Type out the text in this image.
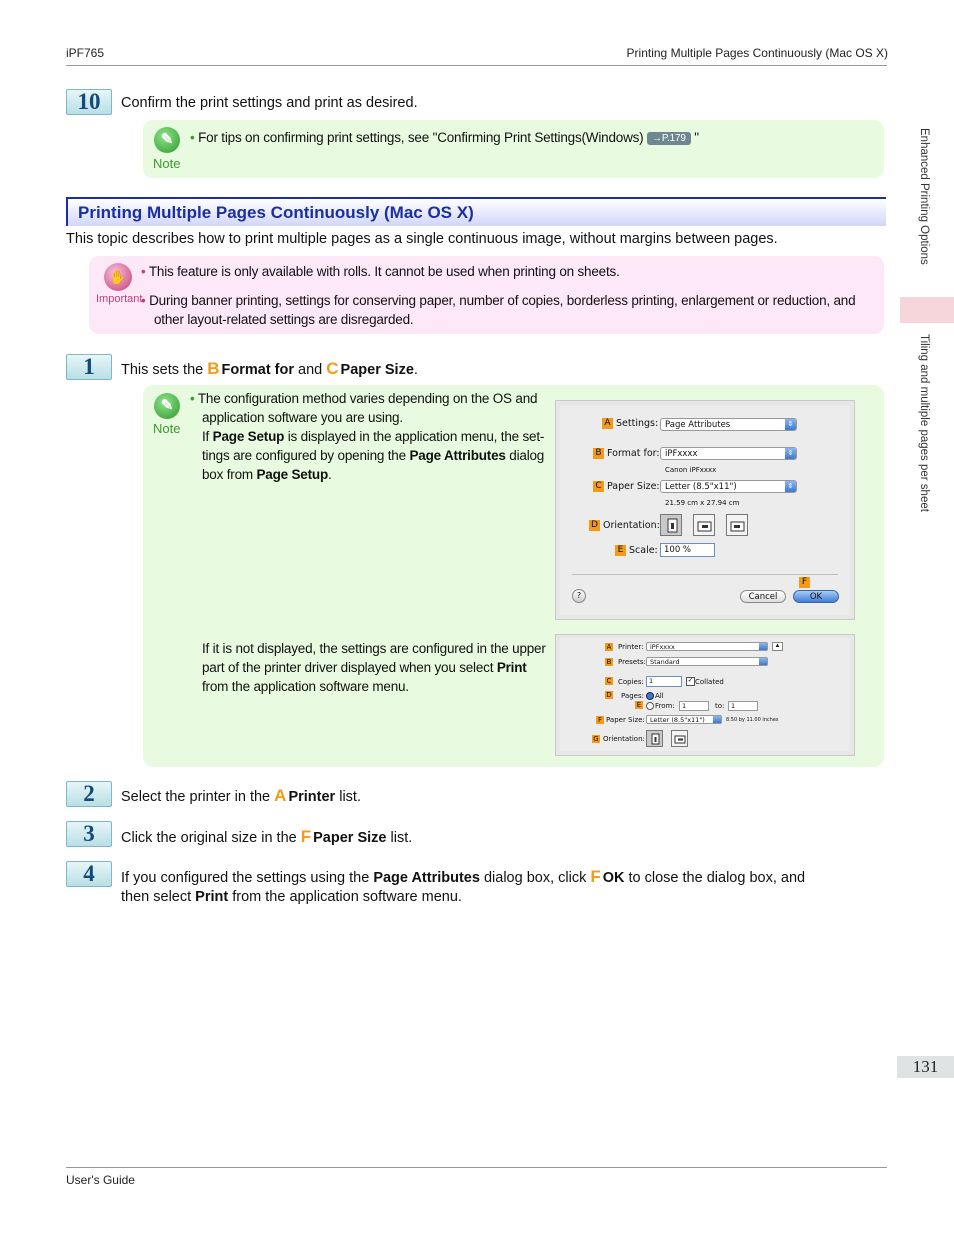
iPF765	Printing Multiple Pages Continuously (Mac OS X)
Enhanced Printing Options
Tiling and multiple pages per sheet
10	Confirm the print settings and print as desired.
✎
Note
• For tips on confirming print settings, see "Confirming Print Settings(Windows) →P.179 "
Printing Multiple Pages Continuously (Mac OS X)
This topic describes how to print multiple pages as a single continuous image, without margins between pages.
✋
Important
• This feature is only available with rolls. It cannot be used when printing on sheets.
• During banner printing, settings for conserving paper, number of copies, borderless printing, enlargement or reduction, and
other layout-related settings are disregarded.
1	This sets the B Format for and C Paper Size.
✎
Note
• The configuration method varies depending on the OS and
application software you are using.
If Page Setup is displayed in the application menu, the set-
tings are configured by opening the Page Attributes dialog
box from Page Setup.
If it is not displayed, the settings are configured in the upper
part of the printer driver displayed when you select Print
from the application software menu.
A Settings: Page Attributes	⇕
B Format for: iPFxxxx	⇕
Canon iPFxxxx
C Paper Size: Letter (8.5"x11")	⇕
21.59 cm x 27.94 cm
D Orientation:
E Scale: 100 %
?
F
Cancel	OK
A Printer: iPFxxxx	▲
B Presets: Standard
C Copies: 1	✓ Collated
D Pages: All
E From:	1	to:	1
F Paper Size: Letter (8.5"x11")	8.50 by 11.00 inches
G Orientation:
2	Select the printer in the A Printer list.
3	Click the original size in the F Paper Size list.
4	If you configured the settings using the Page Attributes dialog box, click F OK to close the dialog box, and
then select Print from the application software menu.
131
User's Guide
